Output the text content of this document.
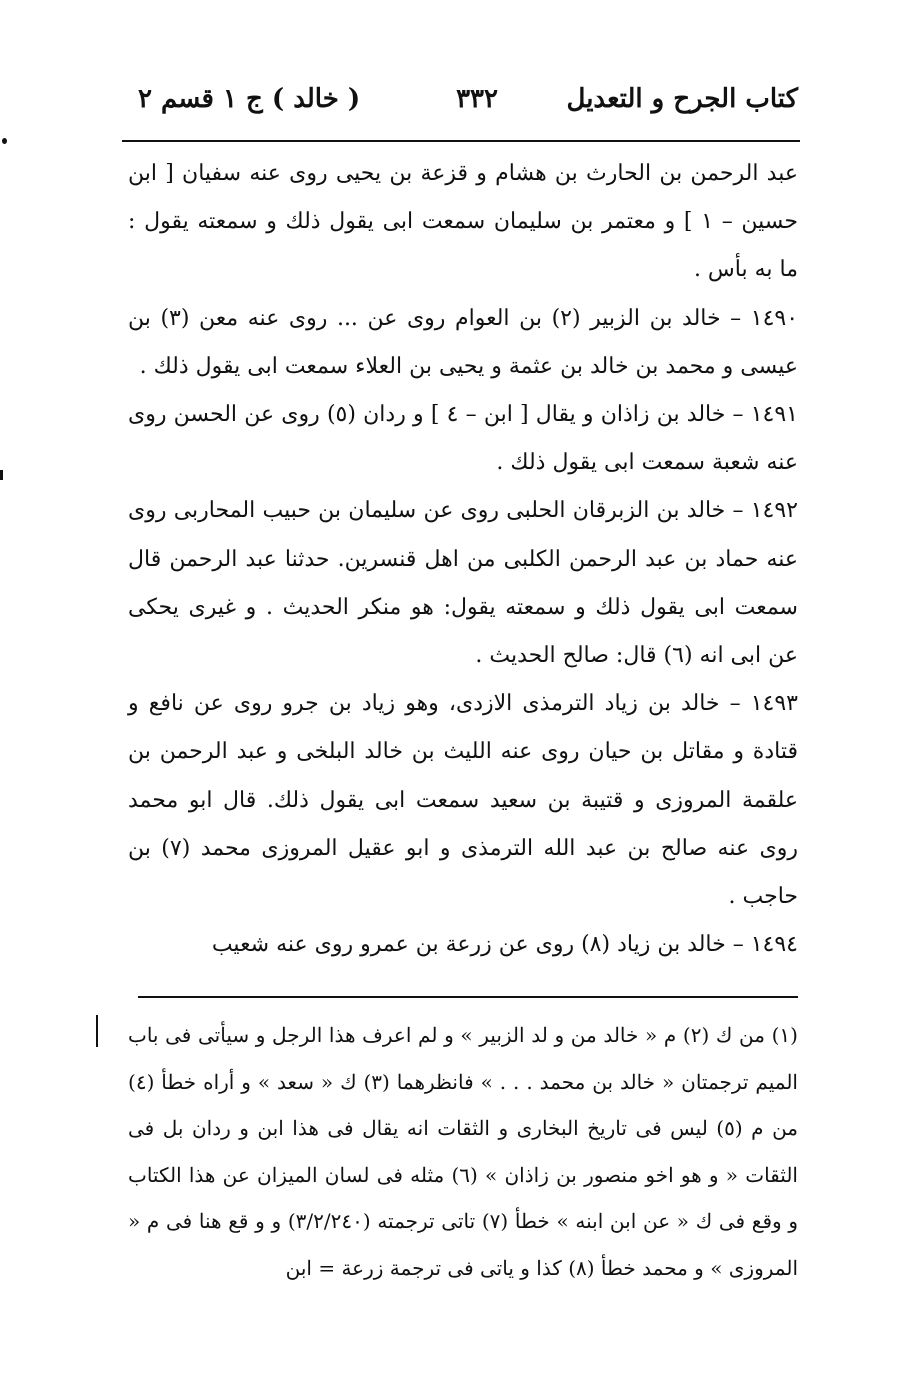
كتاب الجرح و التعديل
٣٣٢
( خالد ) ج ١ قسم ٢

عبد الرحمن بن الحارث بن هشام و قزعة بن يحيى روى عنه سفيان [ ابن حسين – ١ ] و معتمر بن سليمان سمعت ابى يقول ذلك و سمعته يقول : ما به بأس .

١٤٩٠ – خالد بن الزبير (٢) بن العوام روى عن ... روى عنه معن (٣) بن عيسى و محمد بن خالد بن عثمة و يحيى بن العلاء سمعت ابى يقول ذلك .

١٤٩١ – خالد بن زاذان و يقال [ ابن – ٤ ] و ردان (٥) روى عن الحسن روى عنه شعبة سمعت ابى يقول ذلك .

١٤٩٢ – خالد بن الزبرقان الحلبى روى عن سليمان بن حبيب المحاربى روى عنه حماد بن عبد الرحمن الكلبى من اهل قنسرين. حدثنا عبد الرحمن قال سمعت ابى يقول ذلك و سمعته يقول: هو منكر الحديث . و غيرى يحكى عن ابى انه (٦) قال: صالح الحديث .

١٤٩٣ – خالد بن زياد الترمذى الازدى، وهو زياد بن جرو روى عن نافع و قتادة و مقاتل بن حيان روى عنه الليث بن خالد البلخى و عبد الرحمن بن علقمة المروزى و قتيبة بن سعيد سمعت ابى يقول ذلك. قال ابو محمد روى عنه صالح بن عبد الله الترمذى و ابو عقيل المروزى محمد (٧) بن حاجب .

١٤٩٤ – خالد بن زياد (٨) روى عن زرعة بن عمرو روى عنه شعيب

(١) من ك (٢) م « خالد من و لد الزبير » و لم اعرف هذا الرجل و سيأتى فى باب الميم ترجمتان « خالد بن محمد . . . » فانظرهما (٣) ك « سعد » و أراه خطأ (٤) من م (٥) ليس فى تاريخ البخارى و الثقات انه يقال فى هذا ابن و ردان بل فى الثقات « و هو اخو منصور بن زاذان » (٦) مثله فى لسان الميزان عن هذا الكتاب و وقع فى ك « عن ابن ابنه » خطأ (٧) تاتى ترجمته (٣/٢/٢٤٠) و و قع هنا فى م « المروزى » و محمد خطأ (٨) كذا و ياتى فى ترجمة زرعة = ابن
